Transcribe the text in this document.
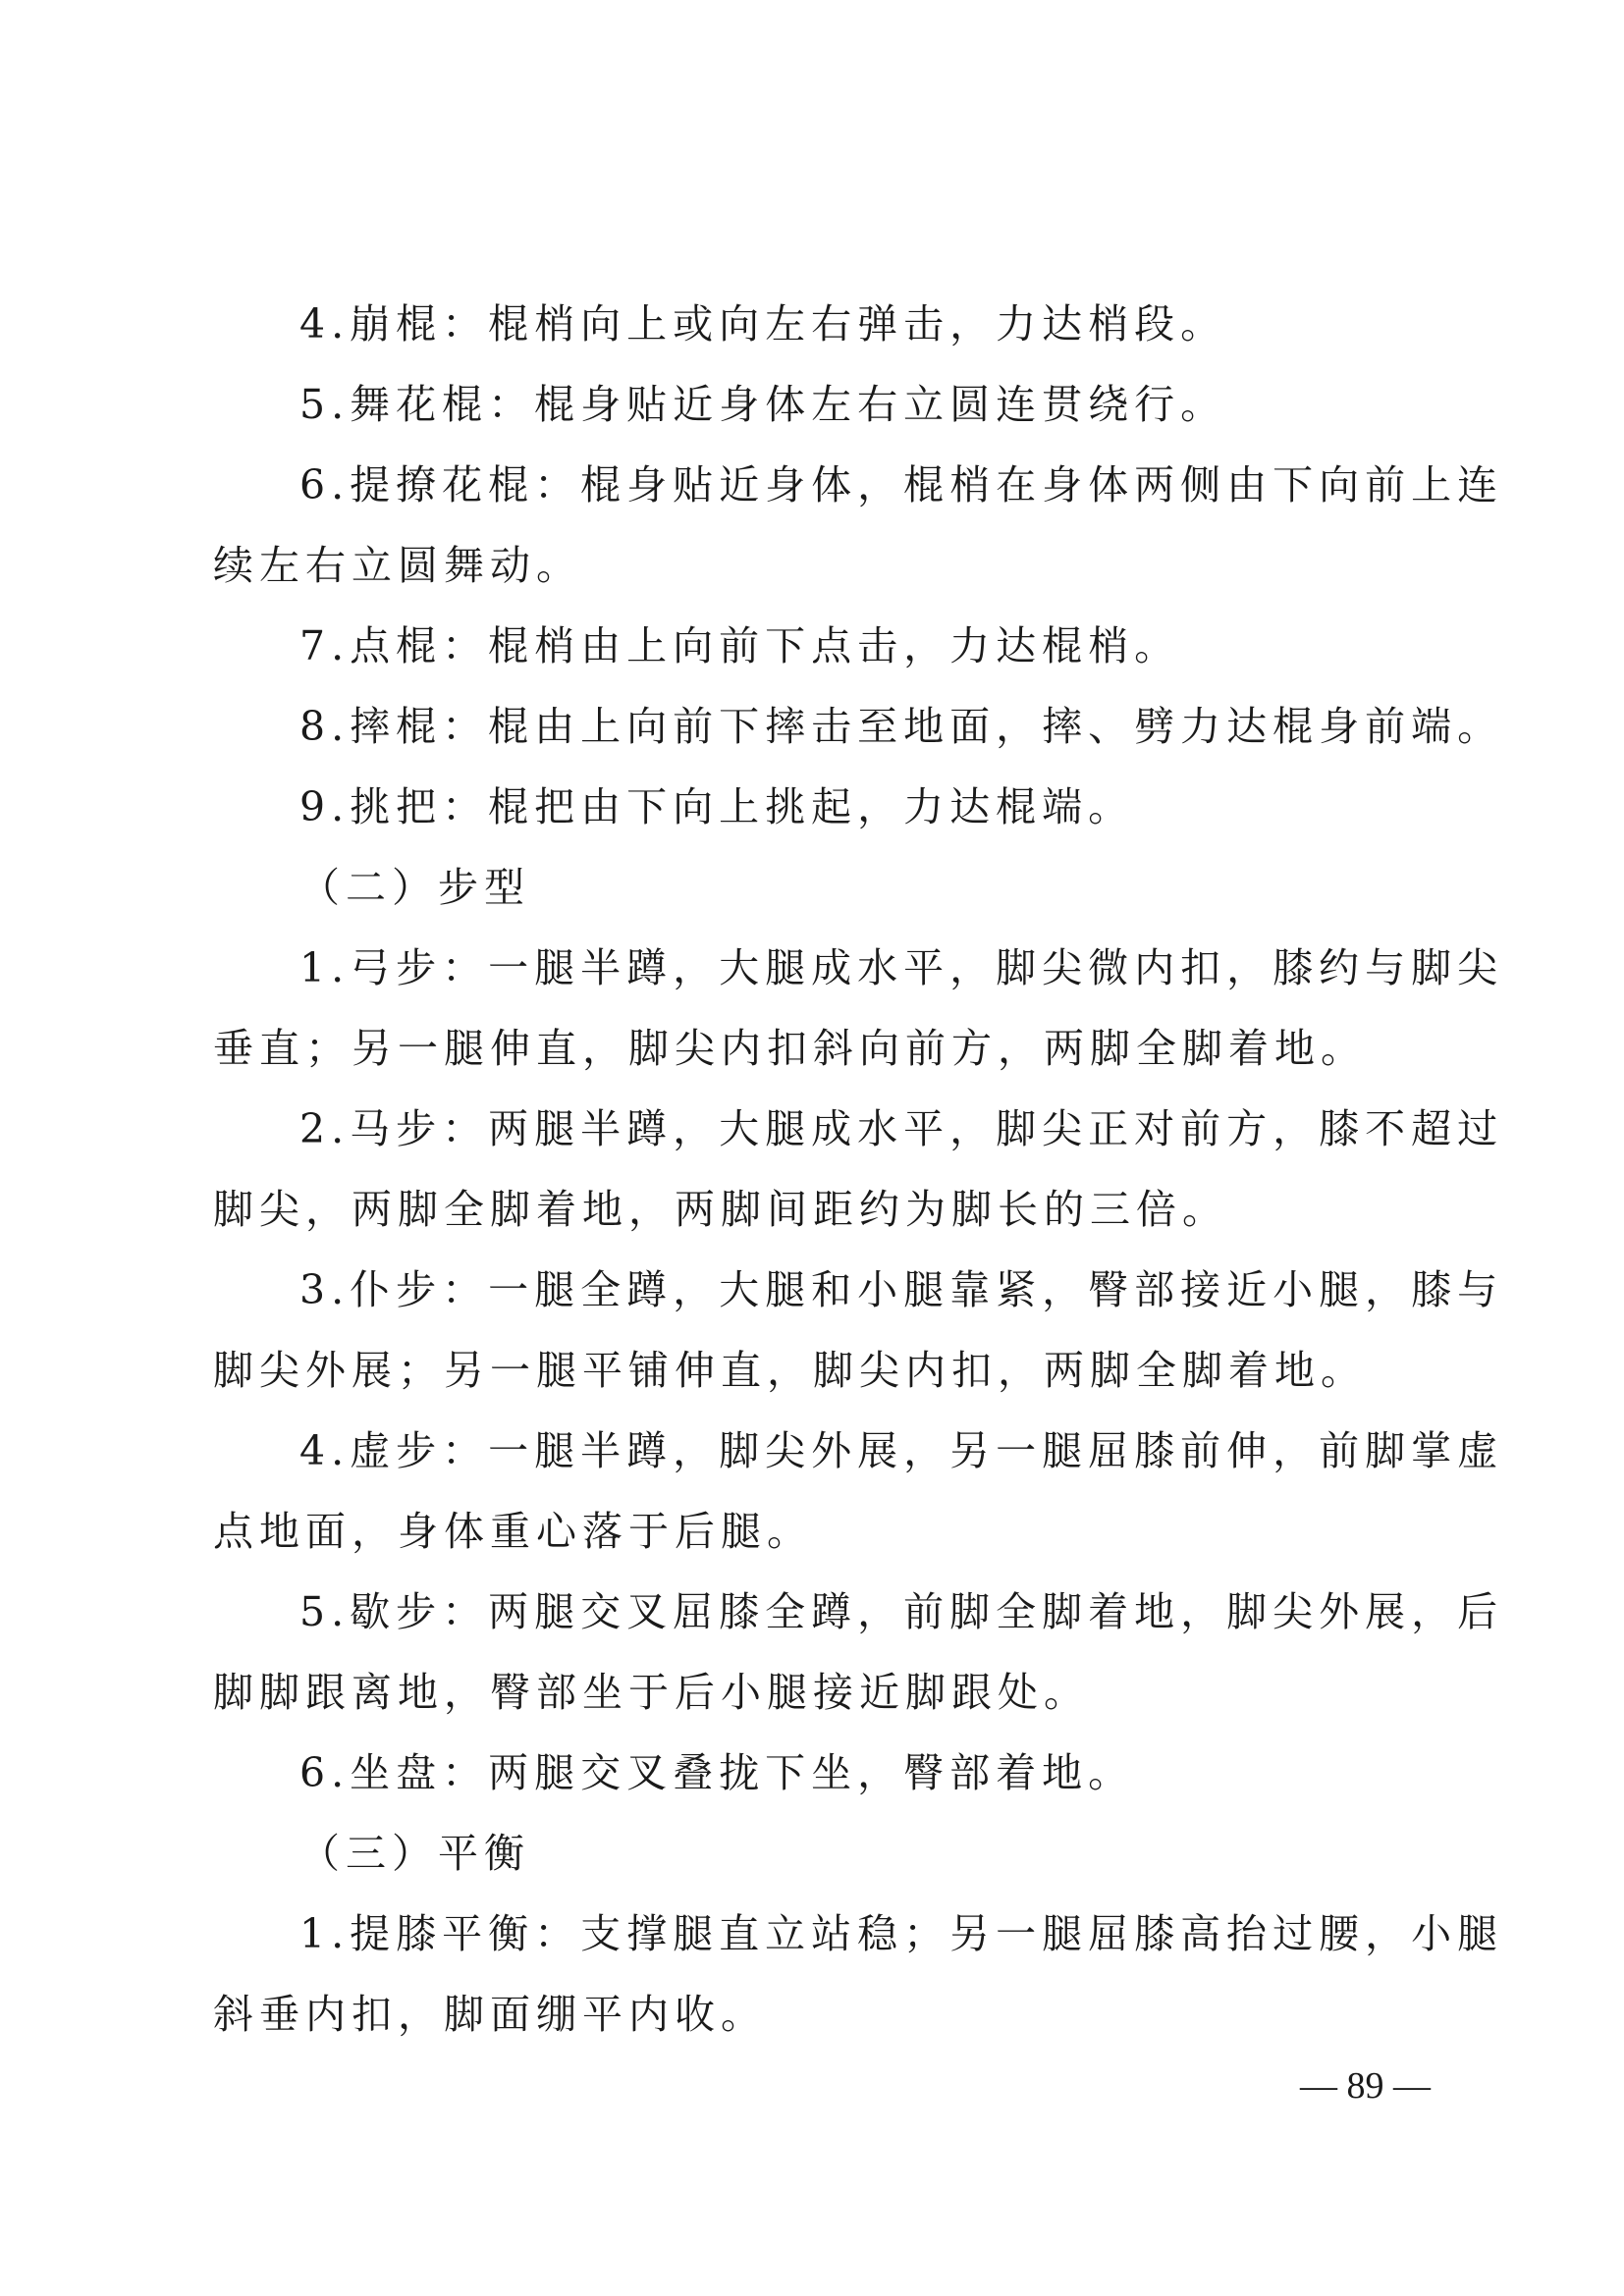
4.崩棍：棍梢向上或向左右弹击，力达梢段。

5.舞花棍：棍身贴近身体左右立圆连贯绕行。

6.提撩花棍：棍身贴近身体，棍梢在身体两侧由下向前上连

续左右立圆舞动。

7.点棍：棍梢由上向前下点击，力达棍梢。

8.摔棍：棍由上向前下摔击至地面，摔、劈力达棍身前端。

9.挑把：棍把由下向上挑起，力达棍端。

（二）步型

1.弓步：一腿半蹲，大腿成水平，脚尖微内扣，膝约与脚尖

垂直；另一腿伸直，脚尖内扣斜向前方，两脚全脚着地。

2.马步：两腿半蹲，大腿成水平，脚尖正对前方，膝不超过

脚尖，两脚全脚着地，两脚间距约为脚长的三倍。

3.仆步：一腿全蹲，大腿和小腿靠紧，臀部接近小腿，膝与

脚尖外展；另一腿平铺伸直，脚尖内扣，两脚全脚着地。

4.虚步：一腿半蹲，脚尖外展，另一腿屈膝前伸，前脚掌虚

点地面，身体重心落于后腿。

5.歇步：两腿交叉屈膝全蹲，前脚全脚着地，脚尖外展，后

脚脚跟离地，臀部坐于后小腿接近脚跟处。

6.坐盘：两腿交叉叠拢下坐，臀部着地。

（三）平衡

1.提膝平衡：支撑腿直立站稳；另一腿屈膝高抬过腰，小腿

斜垂内扣，脚面绷平内收。

— 89 —
